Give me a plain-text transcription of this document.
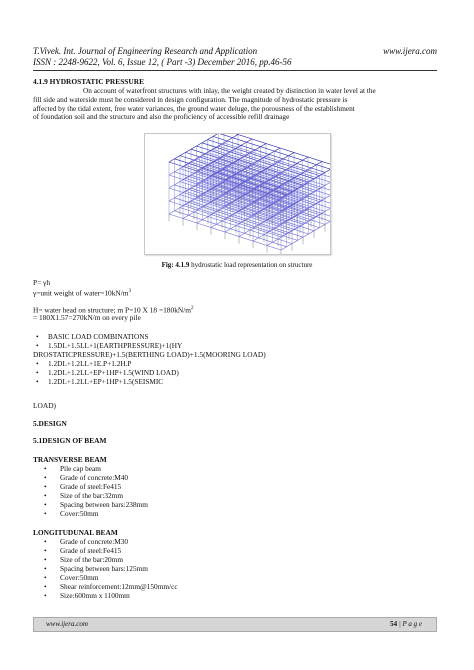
T.Vivek. Int. Journal of Engineering Research and Application	www.ijera.com
ISSN : 2248-9622, Vol. 6, Issue 12, ( Part -3) December 2016, pp.46-56
4.1.9 HYDROSTATIC PRESSURE
On account of waterfront structures with inlay, the weight created by distinction in water level at the
fill side and waterside must be considered in design configuration. The magnitude of hydrostatic pressure is
affected by the tidal extent, free water variances, the ground water deluge, the porousness of the establishment
of foundation soil and the structure and also the proficiency of accessible refill drainage
Fig: 4.1.9 hydrostatic load representation on structure
P= γh
γ=unit weight of $water=10kN/m^3$
H= water head on structure; m P=10 X $18 =180kN/m^2$
= 180X1.57=270kN/m on every pile
• BASIC LOAD COMBINATIONS
• 1.5DL+1.5LL+1(EARTHPRESSURE)+1(HY
DROSTATICPRESSURE)+1.5(BERTHING LOAD)+1.5(MOORING LOAD)
• 1.2DL+1.2LL+1E.P+1.2H.P
• 1.2DL+1.2LL+EP+1HP+1.5(WIND LOAD)
• 1.2DL+1.2LL+EP+1HP+1.5(SEISMIC
LOAD)
5.DESIGN
5.1DESIGN OF BEAM
TRANSVERSE BEAM
• Pile cap beam
• Grade of concrete:M40
• Grade of steel:Fe415
• Size of the bar:32mm
• Spacing between bars:238mm
• Cover:50mm
LONGITUDUNAL BEAM
• Grade of concrete:M30
• Grade of steel:Fe415
• Size of the bar:20mm
• Spacing between bars:125mm
• Cover:50mm
• Shear reinforcement:12mm@150mm/cc
• Size:600mm x 1100mm
www.ijera.com	54 | P a g e
